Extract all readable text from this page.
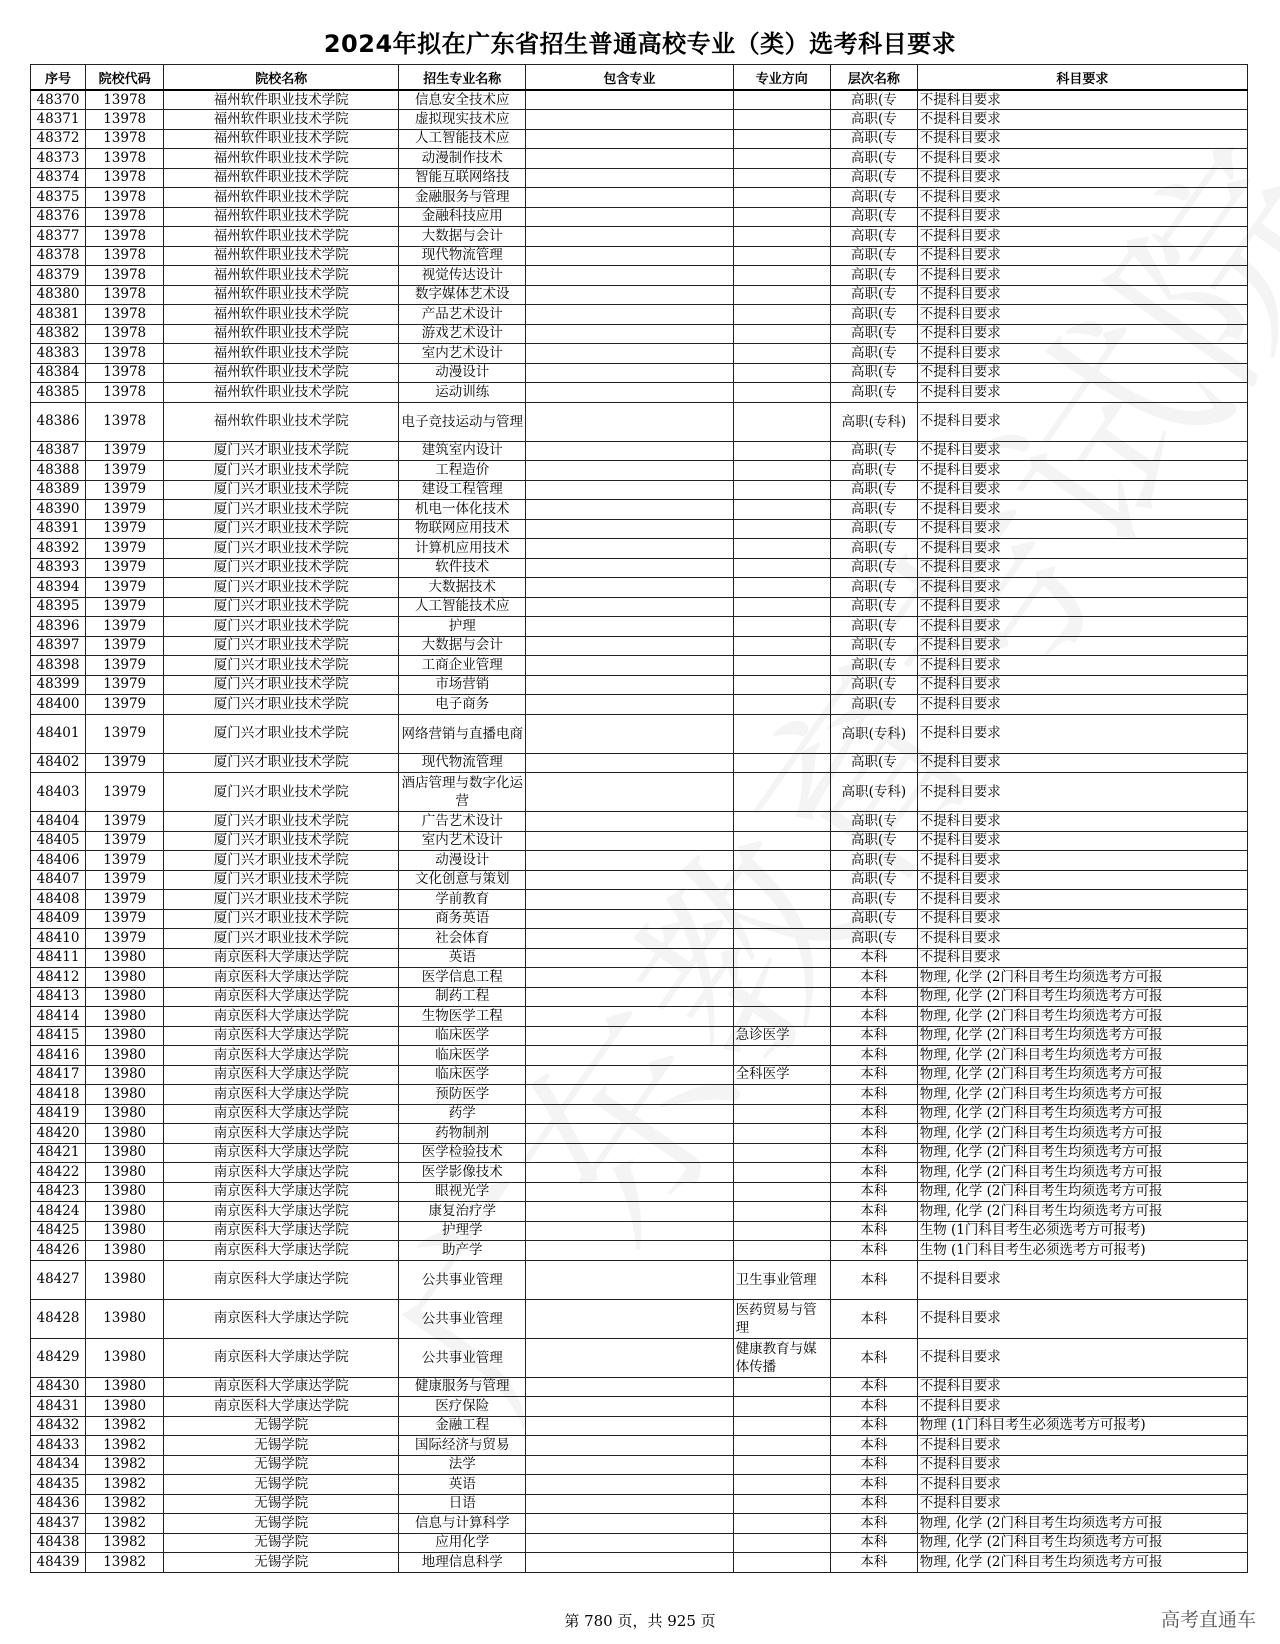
2024年拟在广东省招生普通高校专业（类）选考科目要求
序号	院校代码	院校名称	招生专业名称	包含专业	专业方向	层次名称	科目要求
48370	13978	福州软件职业技术学院	信息安全技术应			高职(专	不提科目要求
48371	13978	福州软件职业技术学院	虚拟现实技术应			高职(专	不提科目要求
48372	13978	福州软件职业技术学院	人工智能技术应			高职(专	不提科目要求
48373	13978	福州软件职业技术学院	动漫制作技术			高职(专	不提科目要求
48374	13978	福州软件职业技术学院	智能互联网络技			高职(专	不提科目要求
48375	13978	福州软件职业技术学院	金融服务与管理			高职(专	不提科目要求
48376	13978	福州软件职业技术学院	金融科技应用			高职(专	不提科目要求
48377	13978	福州软件职业技术学院	大数据与会计			高职(专	不提科目要求
48378	13978	福州软件职业技术学院	现代物流管理			高职(专	不提科目要求
48379	13978	福州软件职业技术学院	视觉传达设计			高职(专	不提科目要求
48380	13978	福州软件职业技术学院	数字媒体艺术设			高职(专	不提科目要求
48381	13978	福州软件职业技术学院	产品艺术设计			高职(专	不提科目要求
48382	13978	福州软件职业技术学院	游戏艺术设计			高职(专	不提科目要求
48383	13978	福州软件职业技术学院	室内艺术设计			高职(专	不提科目要求
48384	13978	福州软件职业技术学院	动漫设计			高职(专	不提科目要求
48385	13978	福州软件职业技术学院	运动训练			高职(专	不提科目要求
48386	13978	福州软件职业技术学院	电子竞技运动与管理			高职(专科)	不提科目要求
48387	13979	厦门兴才职业技术学院	建筑室内设计			高职(专	不提科目要求
48388	13979	厦门兴才职业技术学院	工程造价			高职(专	不提科目要求
48389	13979	厦门兴才职业技术学院	建设工程管理			高职(专	不提科目要求
48390	13979	厦门兴才职业技术学院	机电一体化技术			高职(专	不提科目要求
48391	13979	厦门兴才职业技术学院	物联网应用技术			高职(专	不提科目要求
48392	13979	厦门兴才职业技术学院	计算机应用技术			高职(专	不提科目要求
48393	13979	厦门兴才职业技术学院	软件技术			高职(专	不提科目要求
48394	13979	厦门兴才职业技术学院	大数据技术			高职(专	不提科目要求
48395	13979	厦门兴才职业技术学院	人工智能技术应			高职(专	不提科目要求
48396	13979	厦门兴才职业技术学院	护理			高职(专	不提科目要求
48397	13979	厦门兴才职业技术学院	大数据与会计			高职(专	不提科目要求
48398	13979	厦门兴才职业技术学院	工商企业管理			高职(专	不提科目要求
48399	13979	厦门兴才职业技术学院	市场营销			高职(专	不提科目要求
48400	13979	厦门兴才职业技术学院	电子商务			高职(专	不提科目要求
48401	13979	厦门兴才职业技术学院	网络营销与直播电商			高职(专科)	不提科目要求
48402	13979	厦门兴才职业技术学院	现代物流管理			高职(专	不提科目要求
48403	13979	厦门兴才职业技术学院	酒店管理与数字化运营			高职(专科)	不提科目要求
48404	13979	厦门兴才职业技术学院	广告艺术设计			高职(专	不提科目要求
48405	13979	厦门兴才职业技术学院	室内艺术设计			高职(专	不提科目要求
48406	13979	厦门兴才职业技术学院	动漫设计			高职(专	不提科目要求
48407	13979	厦门兴才职业技术学院	文化创意与策划			高职(专	不提科目要求
48408	13979	厦门兴才职业技术学院	学前教育			高职(专	不提科目要求
48409	13979	厦门兴才职业技术学院	商务英语			高职(专	不提科目要求
48410	13979	厦门兴才职业技术学院	社会体育			高职(专	不提科目要求
48411	13980	南京医科大学康达学院	英语			本科	不提科目要求
48412	13980	南京医科大学康达学院	医学信息工程			本科	物理, 化学 (2门科目考生均须选考方可报
48413	13980	南京医科大学康达学院	制药工程			本科	物理, 化学 (2门科目考生均须选考方可报
48414	13980	南京医科大学康达学院	生物医学工程			本科	物理, 化学 (2门科目考生均须选考方可报
48415	13980	南京医科大学康达学院	临床医学		急诊医学	本科	物理, 化学 (2门科目考生均须选考方可报
48416	13980	南京医科大学康达学院	临床医学			本科	物理, 化学 (2门科目考生均须选考方可报
48417	13980	南京医科大学康达学院	临床医学		全科医学	本科	物理, 化学 (2门科目考生均须选考方可报
48418	13980	南京医科大学康达学院	预防医学			本科	物理, 化学 (2门科目考生均须选考方可报
48419	13980	南京医科大学康达学院	药学			本科	物理, 化学 (2门科目考生均须选考方可报
48420	13980	南京医科大学康达学院	药物制剂			本科	物理, 化学 (2门科目考生均须选考方可报
48421	13980	南京医科大学康达学院	医学检验技术			本科	物理, 化学 (2门科目考生均须选考方可报
48422	13980	南京医科大学康达学院	医学影像技术			本科	物理, 化学 (2门科目考生均须选考方可报
48423	13980	南京医科大学康达学院	眼视光学			本科	物理, 化学 (2门科目考生均须选考方可报
48424	13980	南京医科大学康达学院	康复治疗学			本科	物理, 化学 (2门科目考生均须选考方可报
48425	13980	南京医科大学康达学院	护理学			本科	生物 (1门科目考生必须选考方可报考)
48426	13980	南京医科大学康达学院	助产学			本科	生物 (1门科目考生必须选考方可报考)
48427	13980	南京医科大学康达学院	公共事业管理		卫生事业管理	本科	不提科目要求
48428	13980	南京医科大学康达学院	公共事业管理		医药贸易与管理	本科	不提科目要求
48429	13980	南京医科大学康达学院	公共事业管理		健康教育与媒体传播	本科	不提科目要求
48430	13980	南京医科大学康达学院	健康服务与管理			本科	不提科目要求
48431	13980	南京医科大学康达学院	医疗保险			本科	不提科目要求
48432	13982	无锡学院	金融工程			本科	物理 (1门科目考生必须选考方可报考)
48433	13982	无锡学院	国际经济与贸易			本科	不提科目要求
48434	13982	无锡学院	法学			本科	不提科目要求
48435	13982	无锡学院	英语			本科	不提科目要求
48436	13982	无锡学院	日语			本科	不提科目要求
48437	13982	无锡学院	信息与计算科学			本科	物理, 化学 (2门科目考生均须选考方可报
48438	13982	无锡学院	应用化学			本科	物理, 化学 (2门科目考生均须选考方可报
48439	13982	无锡学院	地理信息科学			本科	物理, 化学 (2门科目考生均须选考方可报
第 780 页，共 925 页	高考直通车
